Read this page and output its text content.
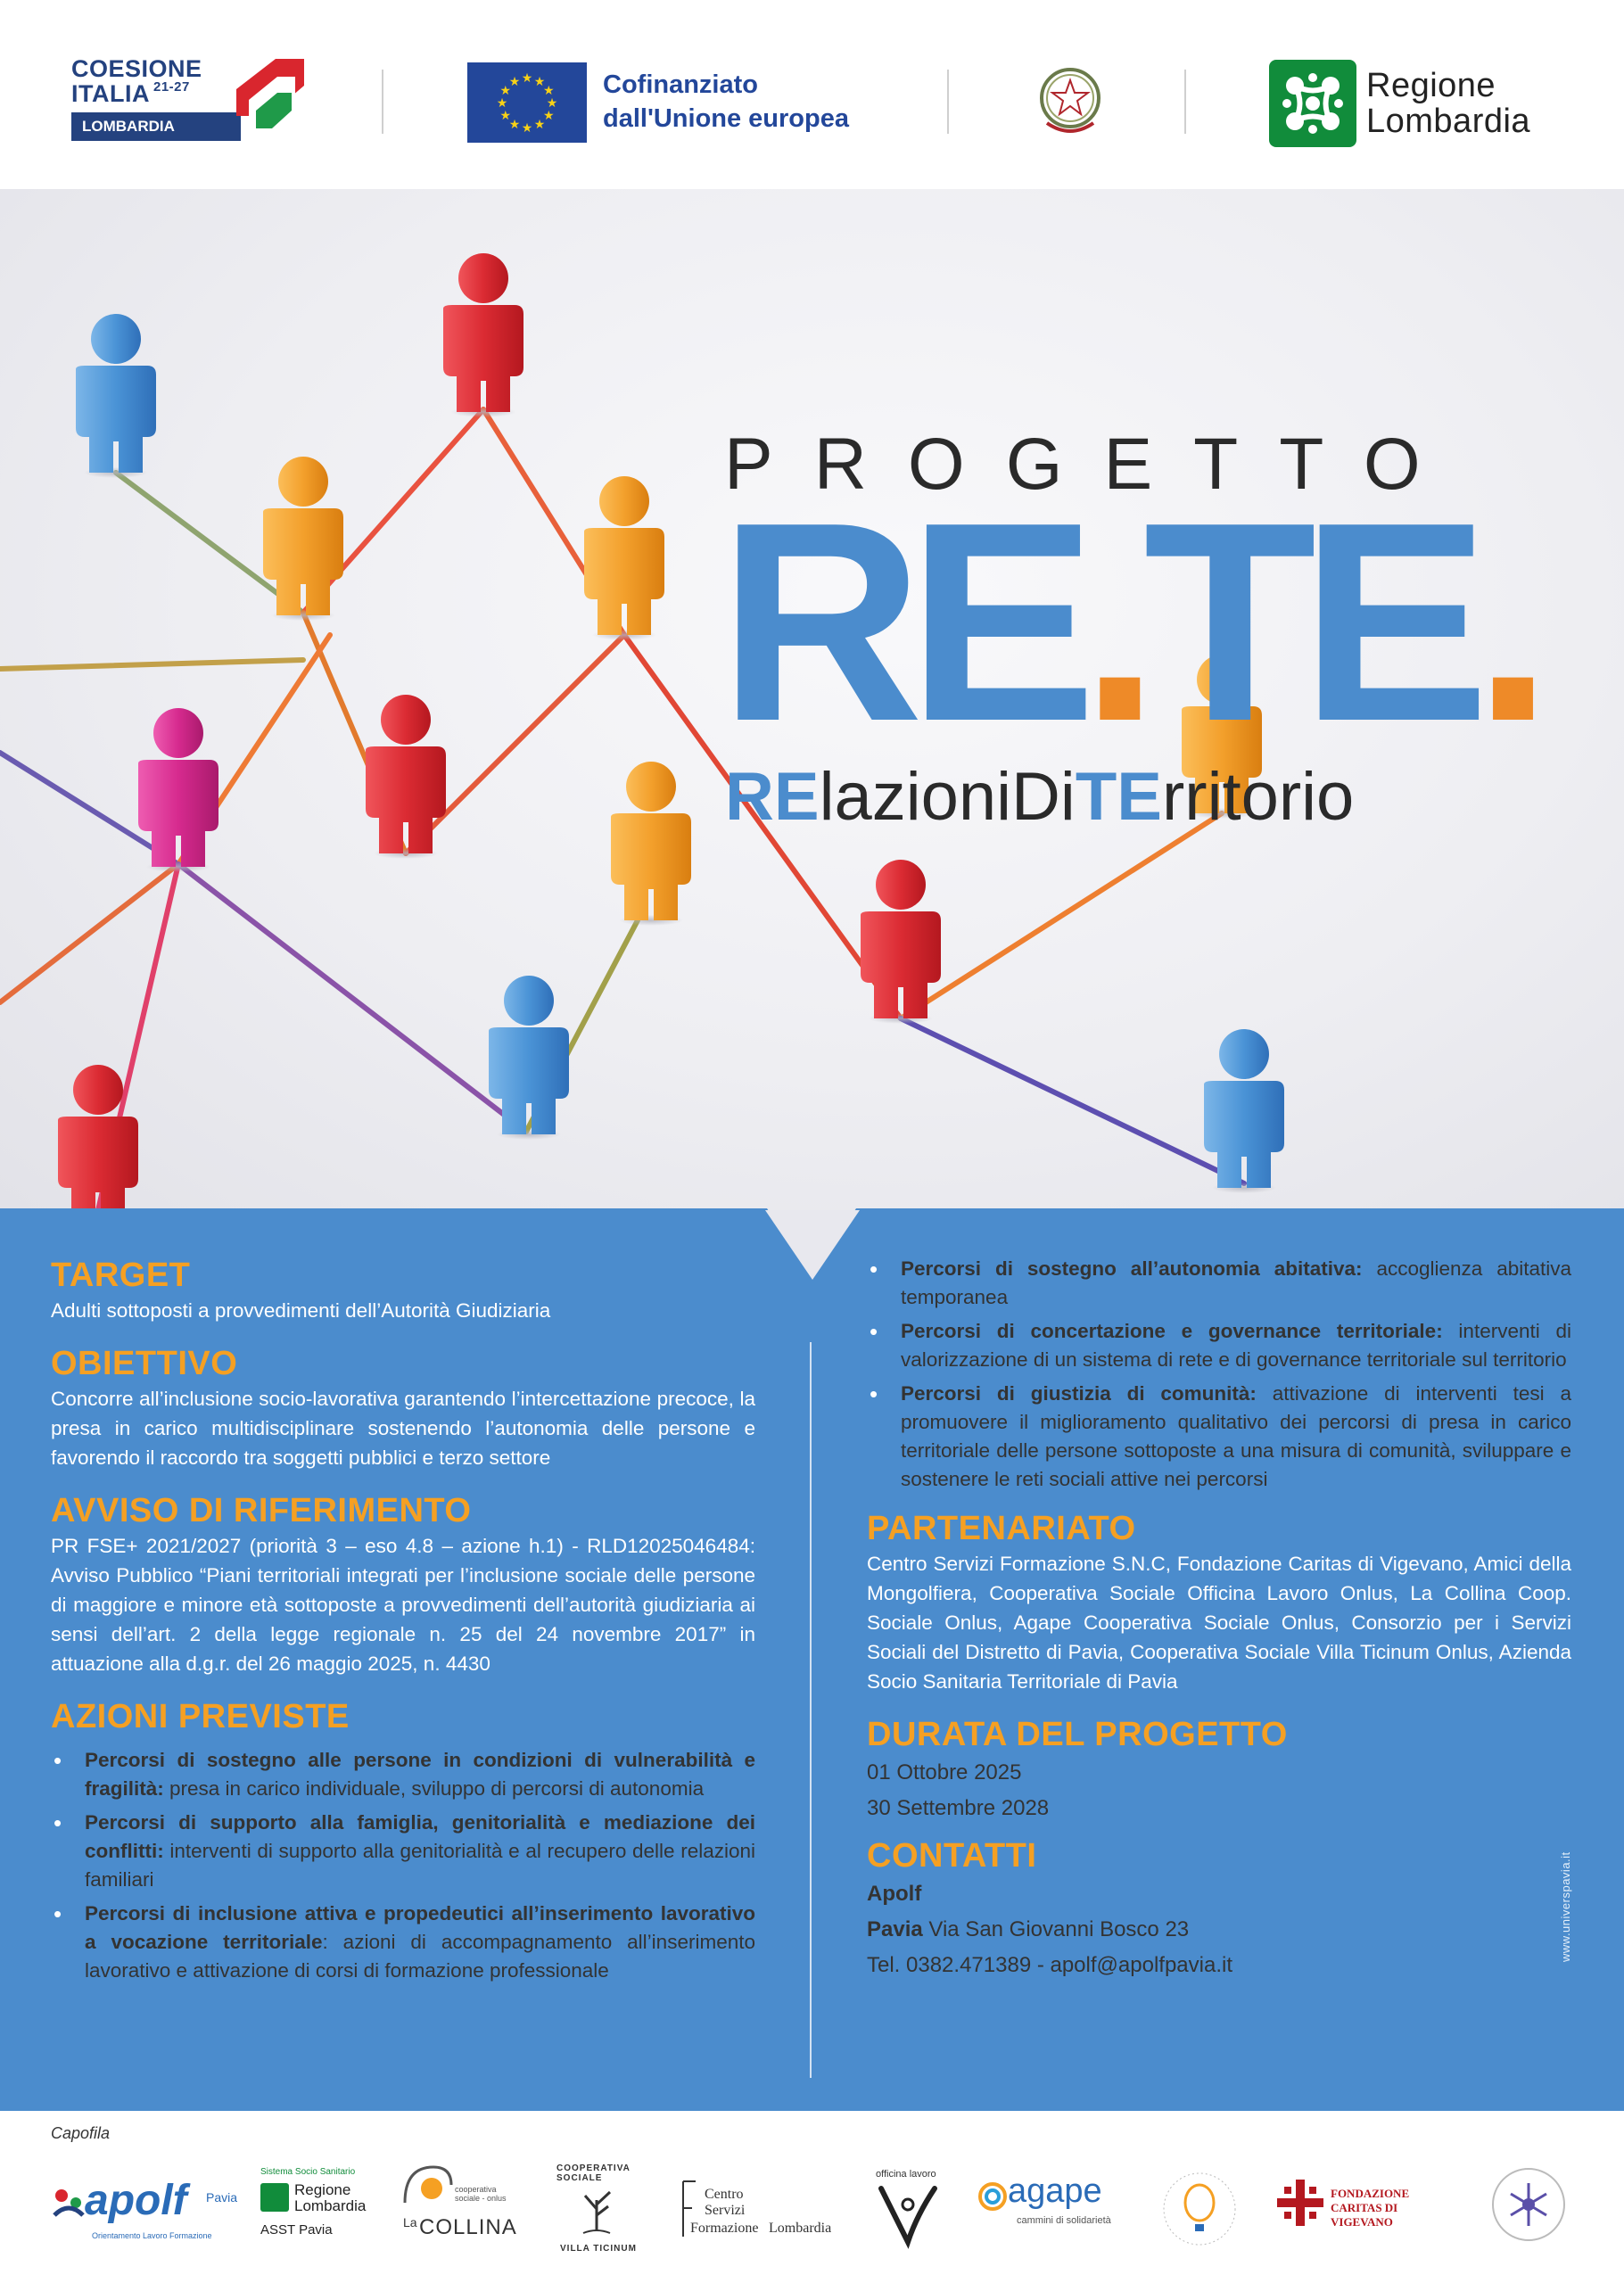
COESIONE
ITALIA $^{21-27}$
LOMBARDIA
★
★
★
★
★
★
★
★
★ ★ ★
★ Cofinanziato
dall'Unione europea
Regione
Lombardia
PROGETTO
RE.TE.
RElazioniDiTErritorio
TARGET
Adulti sottoposti a provvedimenti dell’Autorità Giudiziaria
OBIETTIVO
Concorre all’inclusione socio-lavorativa garantendo l’intercettazione precoce, la presa in carico multidisciplinare sostenendo l’autonomia delle persone e favorendo il raccordo tra soggetti pubblici e terzo settore
AVVISO DI RIFERIMENTO
PR FSE+ 2021/2027 (priorità 3 – eso 4.8 – azione h.1) - RLD12025046484: Avviso Pubblico “Piani territoriali integrati per l’inclusione sociale delle persone di maggiore e minore età sottoposte a provvedimenti dell’autorità giudiziaria ai sensi dell’art. 2 della legge regionale n. 25 del 24 novembre 2017” in attuazione alla d.g.r. del 26 maggio 2025, n. 4430
AZIONI PREVISTE
• Percorsi di sostegno alle persone in condizioni di vulnerabilità e fragilità: presa in carico individuale, sviluppo di percorsi di autonomia
• Percorsi di supporto alla famiglia, genitorialità e mediazione dei conflitti: interventi di supporto alla genitorialità e al recupero delle relazioni familiari
• Percorsi di inclusione attiva e propedeutici all’inserimento lavorativo a vocazione territoriale: azioni di accompagnamento all’inserimento lavorativo e attivazione di corsi di formazione professionale
• Percorsi di sostegno all’autonomia abitativa: accoglienza abitativa temporanea
• Percorsi di concertazione e governance territoriale: interventi di valorizzazione di un sistema di rete e di governance territoriale sul territorio
• Percorsi di giustizia di comunità: attivazione di interventi tesi a promuovere il miglioramento qualitativo dei percorsi di presa in carico territoriale delle persone sottoposte a una misura di comunità, sviluppare e sostenere le reti sociali attive nei percorsi
PARTENARIATO
Centro Servizi Formazione S.N.C, Fondazione Caritas di Vigevano, Amici della Mongolfiera, Cooperativa Sociale Officina Lavoro Onlus, La Collina Coop. Sociale Onlus, Agape Cooperativa Sociale Onlus, Consorzio per i Servizi Sociali del Distretto di Pavia, Cooperativa Sociale Villa Ticinum Onlus, Azienda Socio Sanitaria Territoriale di Pavia
DURATA DEL PROGETTO
01 Ottobre 2025
30 Settembre 2028
CONTATTI
Apolf
Pavia Via San Giovanni Bosco 23
Tel. 0382.471389 - apolf@apolfpavia.it
www.universpavia.it
Capofila
apolf Pavia
Orientamento Lavoro Formazione
Sistema Socio Sanitario
Regione
Lombardia
ASST Pavia
cooperativa sociale - onlus
La COLLINA
COOPERATIVA SOCIALE
VILLA TICINUM
Centro
Servizi
Formazione Lombardia
officina lavoro agape
cammini di solidarietà
FONDAZIONE
CARITAS DI VIGEVANO
